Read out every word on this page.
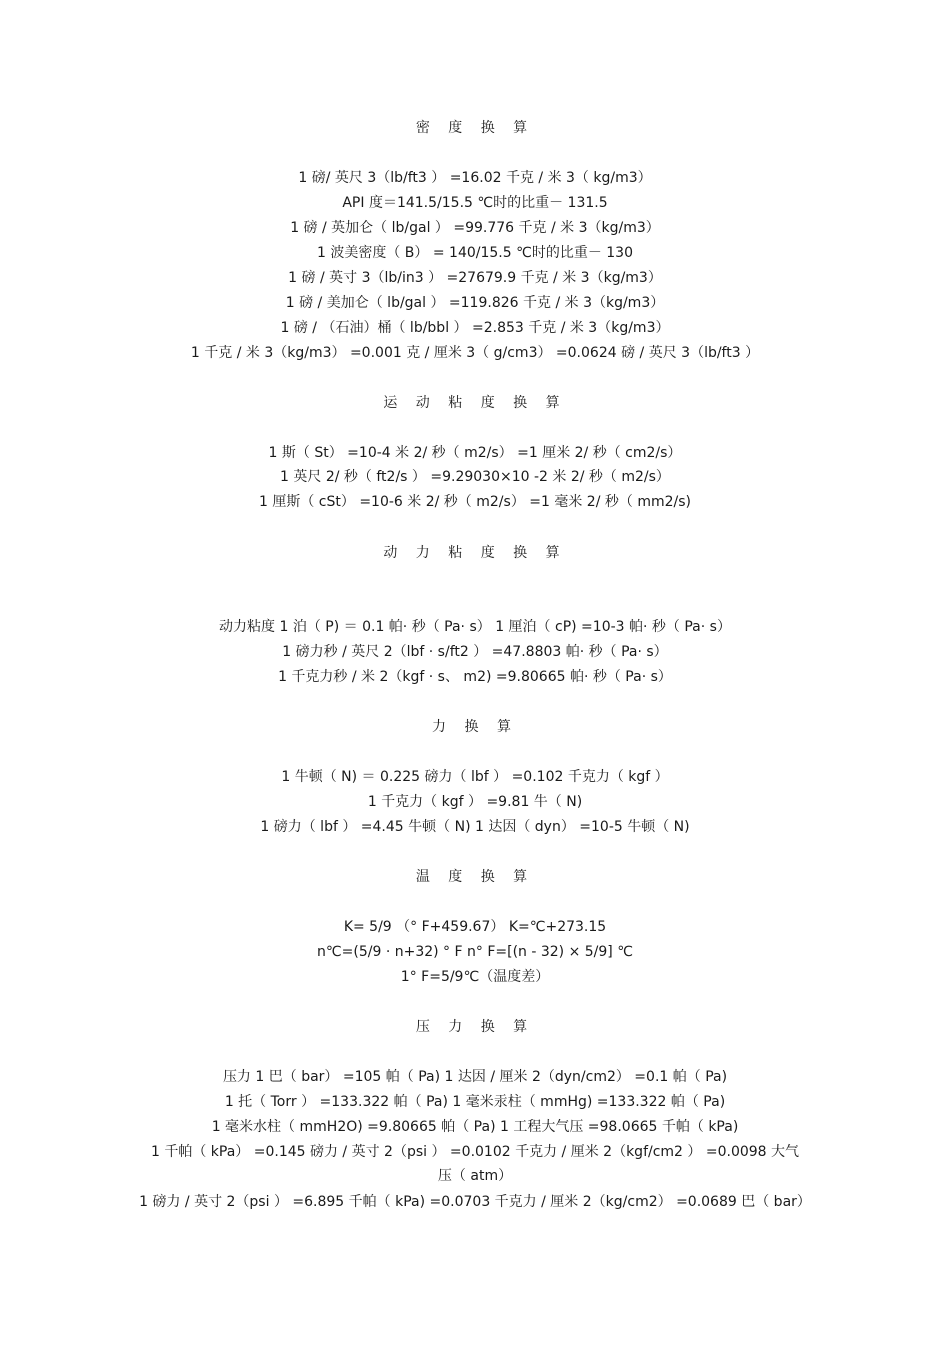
密 度 换 算
1 磅/ 英尺 3（lb/ft3 ） =16.02 千克 / 米 3（ kg/m3）
API 度＝141.5/15.5 ℃时的比重－ 131.5
1 磅 / 英加仑（ lb/gal ） =99.776 千克 / 米 3（kg/m3）
1 波美密度（ B） = 140/15.5 ℃时的比重－ 130
1 磅 / 英寸 3（lb/in3 ） =27679.9 千克 / 米 3（kg/m3）
1 磅 / 美加仑（ lb/gal ） =119.826 千克 / 米 3（kg/m3）
1 磅 / （石油）桶（ lb/bbl ） =2.853 千克 / 米 3（kg/m3）
1 千克 / 米 3（kg/m3） =0.001 克 / 厘米 3（ g/cm3） =0.0624 磅 / 英尺 3（lb/ft3 ）
运 动 粘 度 换 算
1 斯（ St） =10-4 米 2/ 秒（ m2/s） =1 厘米 2/ 秒（ cm2/s）
1 英尺 2/ 秒（ ft2/s ） =9.29030×10 -2 米 2/ 秒（ m2/s）
1 厘斯（ cSt） =10-6 米 2/ 秒（ m2/s） =1 毫米 2/ 秒（ mm2/s)
动 力 粘 度 换 算
动力粘度 1 泊（ P) ＝ 0.1 帕· 秒（ Pa· s） 1 厘泊（ cP) =10-3 帕· 秒（ Pa· s）
1 磅力秒 / 英尺 2（lbf · s/ft2 ） =47.8803 帕· 秒（ Pa· s）
1 千克力秒 / 米 2（kgf · s、 m2) =9.80665 帕· 秒（ Pa· s）
力 换 算
1 牛顿（ N) ＝ 0.225 磅力（ lbf ） =0.102 千克力（ kgf ）
1 千克力（ kgf ） =9.81 牛（ N)
1 磅力（ lbf ） =4.45 牛顿（ N) 1 达因（ dyn） =10-5 牛顿（ N)
温 度 换 算
K= 5/9 （° F+459.67） K=℃+273.15
n℃=(5/9 · n+32) ° F n° F=[(n - 32) × 5/9] ℃
1° F=5/9℃（温度差）
压 力 换 算
压力 1 巴（ bar） =105 帕（ Pa) 1 达因 / 厘米 2（dyn/cm2） =0.1 帕（ Pa)
1 托（ Torr ） =133.322 帕（ Pa) 1 毫米汞柱（ mmHg) =133.322 帕（ Pa)
1 毫米水柱（ mmH2O) =9.80665 帕（ Pa) 1 工程大气压 =98.0665 千帕（ kPa)
1 千帕（ kPa） =0.145 磅力 / 英寸 2（psi ） =0.0102 千克力 / 厘米 2（kgf/cm2 ） =0.0098 大气
压（ atm）
1 磅力 / 英寸 2（psi ） =6.895 千帕（ kPa) =0.0703 千克力 / 厘米 2（kg/cm2） =0.0689 巴（ bar）
